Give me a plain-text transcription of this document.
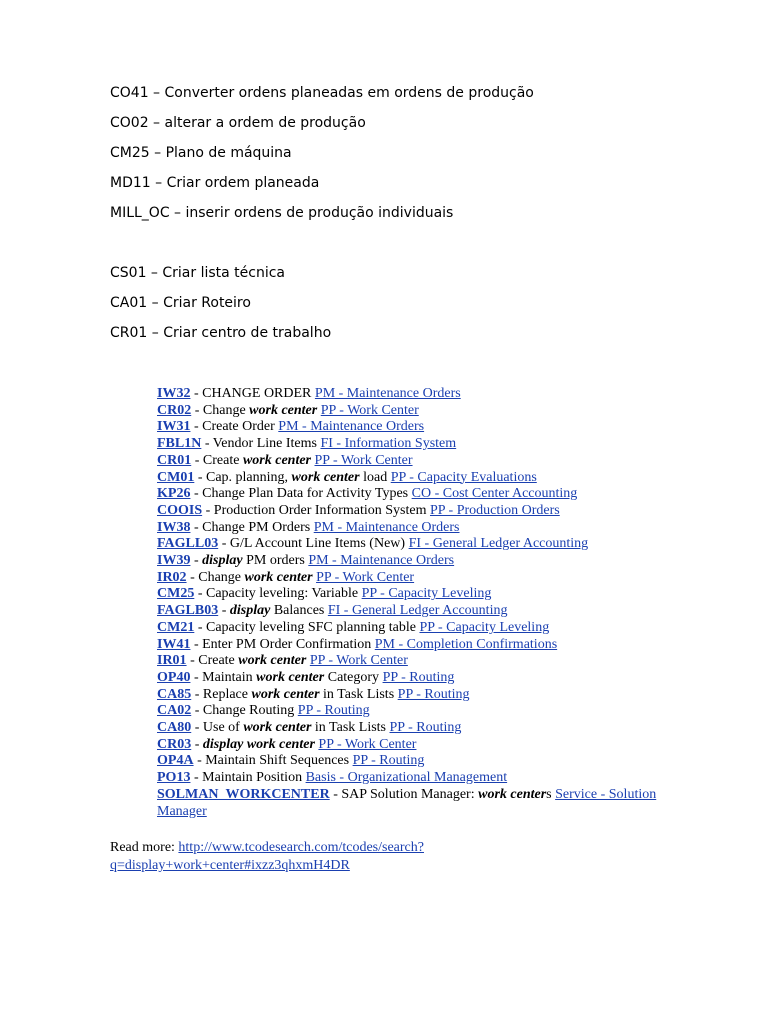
CO41 – Converter ordens planeadas em ordens de produção
CO02 – alterar a ordem de produção
CM25 – Plano de máquina
MD11 – Criar ordem planeada
MILL_OC – inserir ordens de produção individuais
CS01 – Criar lista técnica
CA01 – Criar Roteiro
CR01 – Criar centro de trabalho
IW32 - CHANGE ORDER PM - Maintenance Orders
CR02 - Change work center PP - Work Center
IW31 - Create Order PM - Maintenance Orders
FBL1N - Vendor Line Items FI - Information System
CR01 - Create work center PP - Work Center
CM01 - Cap. planning, work center load PP - Capacity Evaluations
KP26 - Change Plan Data for Activity Types CO - Cost Center Accounting
COOIS - Production Order Information System PP - Production Orders
IW38 - Change PM Orders PM - Maintenance Orders
FAGLL03 - G/L Account Line Items (New) FI - General Ledger Accounting
IW39 - display PM orders PM - Maintenance Orders
IR02 - Change work center PP - Work Center
CM25 - Capacity leveling: Variable PP - Capacity Leveling
FAGLB03 - display Balances FI - General Ledger Accounting
CM21 - Capacity leveling SFC planning table PP - Capacity Leveling
IW41 - Enter PM Order Confirmation PM - Completion Confirmations
IR01 - Create work center PP - Work Center
OP40 - Maintain work center Category PP - Routing
CA85 - Replace work center in Task Lists PP - Routing
CA02 - Change Routing PP - Routing
CA80 - Use of work center in Task Lists PP - Routing
CR03 - display work center PP - Work Center
OP4A - Maintain Shift Sequences PP - Routing
PO13 - Maintain Position Basis - Organizational Management
SOLMAN_WORKCENTER - SAP Solution Manager: work centers Service - Solution Manager
Read more: http://www.tcodesearch.com/tcodes/search?q=display+work+center#ixzz3qhxmH4DR
